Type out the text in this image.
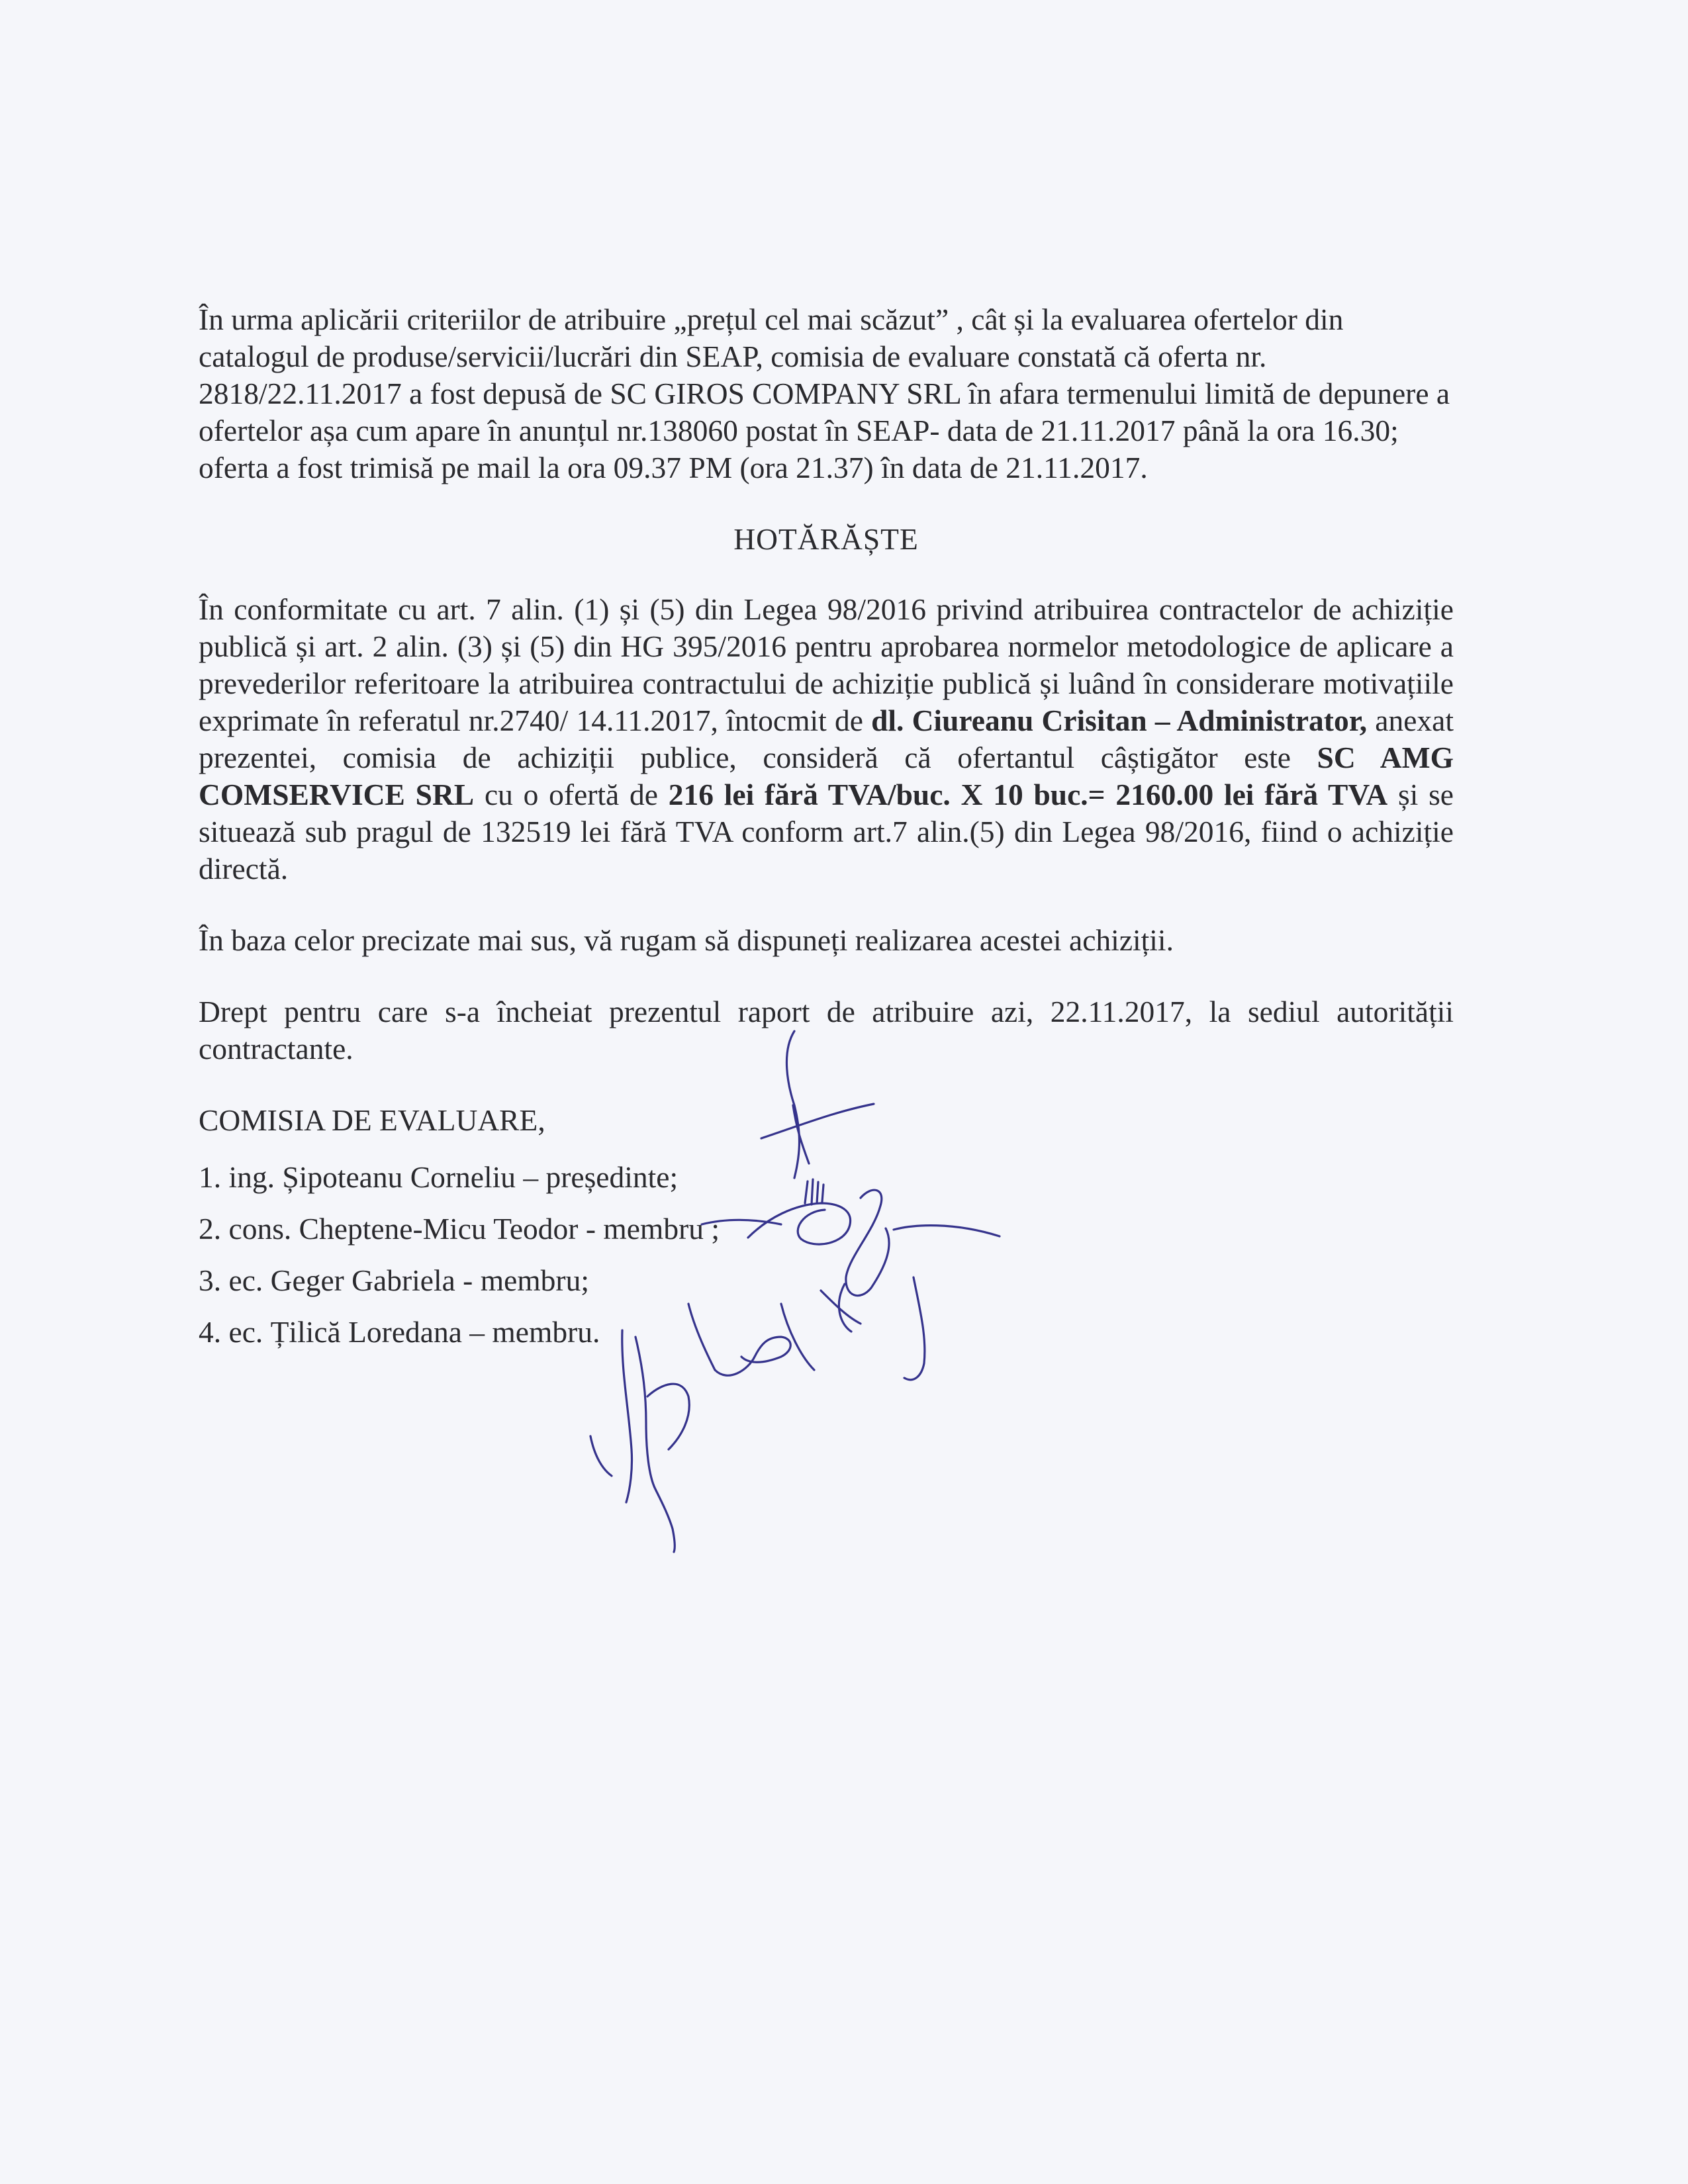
În urma aplicării criteriilor de atribuire „prețul cel mai scăzut” , cât și la evaluarea ofertelor din catalogul de produse/servicii/lucrări din SEAP, comisia de evaluare constată că oferta nr. 2818/22.11.2017 a fost depusă de SC GIROS COMPANY SRL în afara termenului limită de depunere a ofertelor așa cum apare în anunțul nr.138060 postat în SEAP- data de 21.11.2017 până la ora 16.30; oferta a fost trimisă pe mail la ora 09.37 PM (ora 21.37) în data de 21.11.2017.

HOTĂRĂȘTE

În conformitate cu art. 7 alin. (1) și (5) din Legea 98/2016 privind atribuirea contractelor de achiziție publică și art. 2 alin. (3) și (5) din HG 395/2016 pentru aprobarea normelor metodologice de aplicare a prevederilor referitoare la atribuirea contractului de achiziție publică și luând în considerare motivațiile exprimate în referatul nr.2740/ 14.11.2017, întocmit de dl. Ciureanu Crisitan – Administrator, anexat prezentei, comisia de achiziții publice, consideră că ofertantul câștigător este SC AMG COMSERVICE SRL cu o ofertă de 216 lei fără TVA/buc. X 10 buc.= 2160.00 lei fără TVA și se situează sub pragul de 132519 lei fără TVA conform art.7 alin.(5) din Legea 98/2016, fiind o achiziție directă.

În baza celor precizate mai sus, vă rugam să dispuneți realizarea acestei achiziții.

Drept pentru care s-a încheiat prezentul raport de atribuire azi, 22.11.2017, la sediul autorității contractante.

COMISIA DE EVALUARE,

1. ing. Șipoteanu Corneliu – președinte;
2. cons. Cheptene-Micu Teodor - membru ;
3. ec. Geger Gabriela - membru;
4. ec. Țilică Loredana – membru.
